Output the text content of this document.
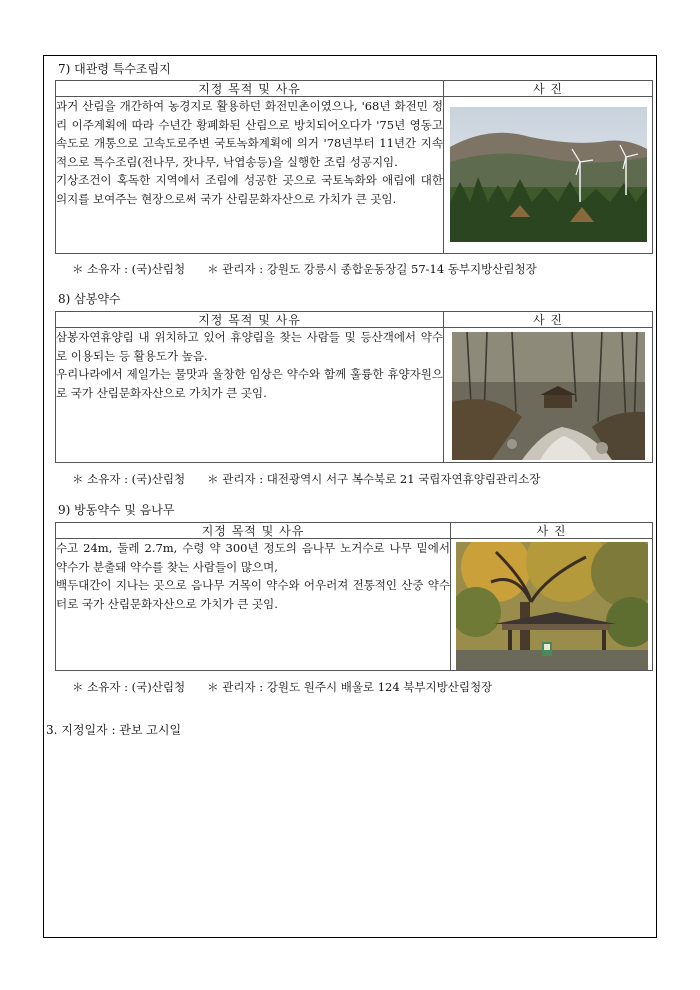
7) 대관령 특수조림지
지정 목적 및 사유	사 진

과거 산림을 개간하여 농경지로 활용하던 화전민촌이였으나, '68년 화전민 정리 이주계획에 따라 수년간 황폐화된 산림으로 방치되어오다가 '75년 영동고속도로 개통으로 고속도로주변 국토녹화계획에 의거 '78년부터 11년간 지속적으로 특수조림(전나무, 잣나무, 낙엽송등)을 실행한 조림 성공지임.

기상조건이 혹독한 지역에서 조림에 성공한 곳으로 국토녹화와 애림에 대한 의지를 보여주는 현장으로써 국가 산림문화자산으로 가치가 큰 곳임.

＊ 소유자 : (국)산림청 ＊ 관리자 : 강원도 강릉시 종합운동장길 57-14 동부지방산림청장
8) 삼봉약수
지정 목적 및 사유	사 진

삼봉자연휴양림 내 위치하고 있어 휴양림을 찾는 사람들 및 등산객에서 약수로 이용되는 등 활용도가 높음.

우리나라에서 제일가는 물맛과 울창한 임상은 약수와 함께 훌륭한 휴양자원으로 국가 산림문화자산으로 가치가 큰 곳임.

＊ 소유자 : (국)산림청 ＊ 관리자 : 대전광역시 서구 복수북로 21 국립자연휴양림관리소장
9) 방동약수 및 음나무
지정 목적 및 사유	사 진

수고 24m, 둘레 2.7m, 수령 약 300년 정도의 음나무 노거수로 나무 밑에서 약수가 분출돼 약수를 찾는 사람들이 많으며,

백두대간이 지나는 곳으로 음나무 거목이 약수와 어우러져 전통적인 산중 약수터로 국가 산림문화자산으로 가치가 큰 곳임.

＊ 소유자 : (국)산림청 ＊ 관리자 : 강원도 원주시 배울로 124 북부지방산림청장
3. 지정일자 : 관보 고시일
